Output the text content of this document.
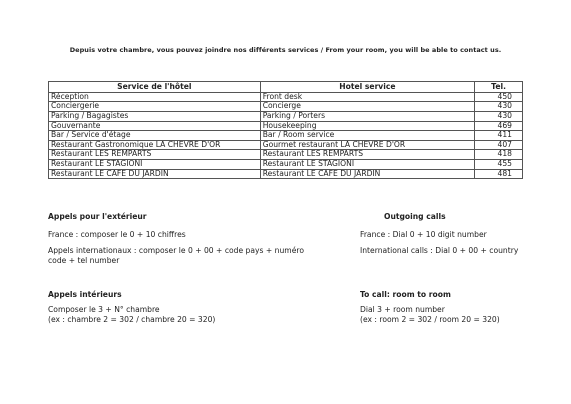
Depuis votre chambre, vous pouvez joindre nos différents services / From your room, you will be able to contact us.
Service de l'hôtel	Hotel service	Tel.
Réception	Front desk	450
Conciergerie	Concierge	430
Parking / Bagagistes	Parking / Porters	430
Gouvernante	Housekeeping	469
Bar / Service d'étage	Bar / Room service	411
Restaurant Gastronomique LA CHEVRE D'OR	Gourmet restaurant LA CHEVRE D'OR	407
Restaurant LES REMPARTS	Restaurant LES REMPARTS	418
Restaurant LE STAGIONI	Restaurant LE STAGIONI	455
Restaurant LE CAFE DU JARDIN	Restaurant LE CAFE DU JARDIN	481
Appels pour l'extérieur	Outgoing calls
France : composer le 0 + 10 chiffres	France : Dial 0 + 10 digit number
Appels internationaux : composer le 0 + 00 + code pays + numéro
code + tel number
International calls : Dial 0 + 00 + country
Appels intérieurs	To call: room to room
Composer le 3 + N° chambre
(ex : chambre 2 = 302 / chambre 20 = 320)
Dial 3 + room number
(ex : room 2 = 302 / room 20 = 320)
